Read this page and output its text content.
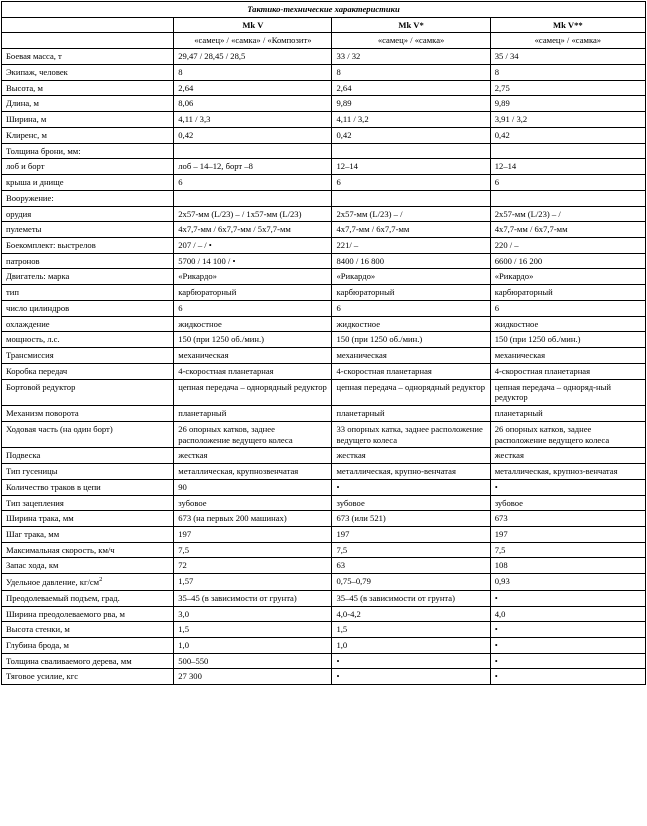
Тактико-технические характеристики			
	Mk V	Mk V*	Mk V**
	«самец» / «самка» / «Композит»	«самец» / «самка»	«самец» / «самка»
Боевая масса, т	29,47 / 28,45 / 28,5	33 / 32	35 / 34
Экипаж, человек	8	8	8
Высота, м	2,64	2,64	2,75
Длина, м	8,06	9,89	9,89
Ширина, м	4,11 / 3,3	4,11 / 3,2	3,91 / 3,2
Клиренс, м	0,42	0,42	0,42
Толщина брони, мм:			
лоб и борт	лоб – 14–12, борт –8	12–14	12–14
крыша и днище	6	6	6
Вооружение:			
орудия	2х57-мм (L/23) – / 1х57-мм (L/23)	2х57-мм (L/23) – /	2х57-мм (L/23) – /
пулеметы	4х7,7-мм / 6х7,7-мм / 5х7,7-мм	4х7,7-мм / 6х7,7-мм	4х7,7-мм / 6х7,7-мм
Боекомплект: выстрелов	207 / – / •	221/ –	220 / –
патронов	5700 / 14 100 / •	8400 / 16 800	6600 / 16 200
Двигатель: марка	«Рикардо»	«Рикардо»	«Рикардо»
тип	карбюраторный	карбюраторный	карбюраторный
число цилиндров	6	6	6
охлаждение	жидкостное	жидкостное	жидкостное
мощность, л.с.	150 (при 1250 об./мин.)	150 (при 1250 об./мин.)	150 (при 1250 об./мин.)
Трансмиссия	механическая	механическая	механическая
Коробка передач	4-скоростная планетарная	4-скоростная планетарная	4-скоростная планетарная
Бортовой редуктор	цепная передача – однорядный редуктор	цепная передача – однорядный редуктор	цепная передача – одноряд-ный редуктор
Механизм поворота	планетарный	планетарный	планетарный
Ходовая часть (на один борт)	26 опорных катков, заднее расположение ведущего колеса	33 опорных катка, заднее расположение ведущего колеса	26 опорных катков, заднее расположение ведущего колеса
Подвеска	жесткая	жесткая	жесткая
Тип гусеницы	металлическая, крупнозвенчатая	металлическая, крупно-венчатая	металлическая, крупноз-венчатая
Количество траков в цепи	90	•	•
Тип зацепления	зубовое	зубовое	зубовое
Ширина трака, мм	673 (на первых 200 машинах)	673 (или 521)	673
Шаг трака, мм	197	197	197
Максимальная скорость, км/ч	7,5	7,5	7,5
Запас хода, км	72	63	108
Удельное давление, $кг/см^2$	1,57	0,75–0,79	0,93
Преодолеваемый подъем, град.	35–45 (в зависимости от грунта)	35–45 (в зависимости от грунта)	•
Ширина преодолеваемого рва, м	3,0	4,0-4,2	4,0
Высота стенки, м	1,5	1,5	•
Глубина брода, м	1,0	1,0	•
Толщина сваливаемого дерева, мм	500–550	•	•
Тяговое усилие, кгс	27 300	•	•
